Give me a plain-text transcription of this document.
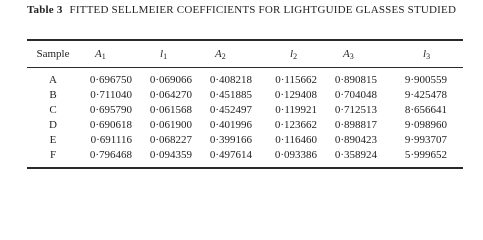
Table 3 FITTED SELLMEIER COEFFICIENTS FOR LIGHTGUIDE GLASSES STUDIED
Sample	$A_1$	$l_1$	$A_2$	$l_2$	$A_3$	$l_3$
A	0·696750	0·069066	0·408218	0·115662	0·890815	9·900559
B	0·711040	0·064270	0·451885	0·129408	0·704048	9·425478
C	0·695790	0·061568	0·452497	0·119921	0·712513	8·656641
D	0·690618	0·061900	0·401996	0·123662	0·898817	9·098960
E	0·691116	0·068227	0·399166	0·116460	0·890423	9·993707
F	0·796468	0·094359	0·497614	0·093386	0·358924	5·999652
